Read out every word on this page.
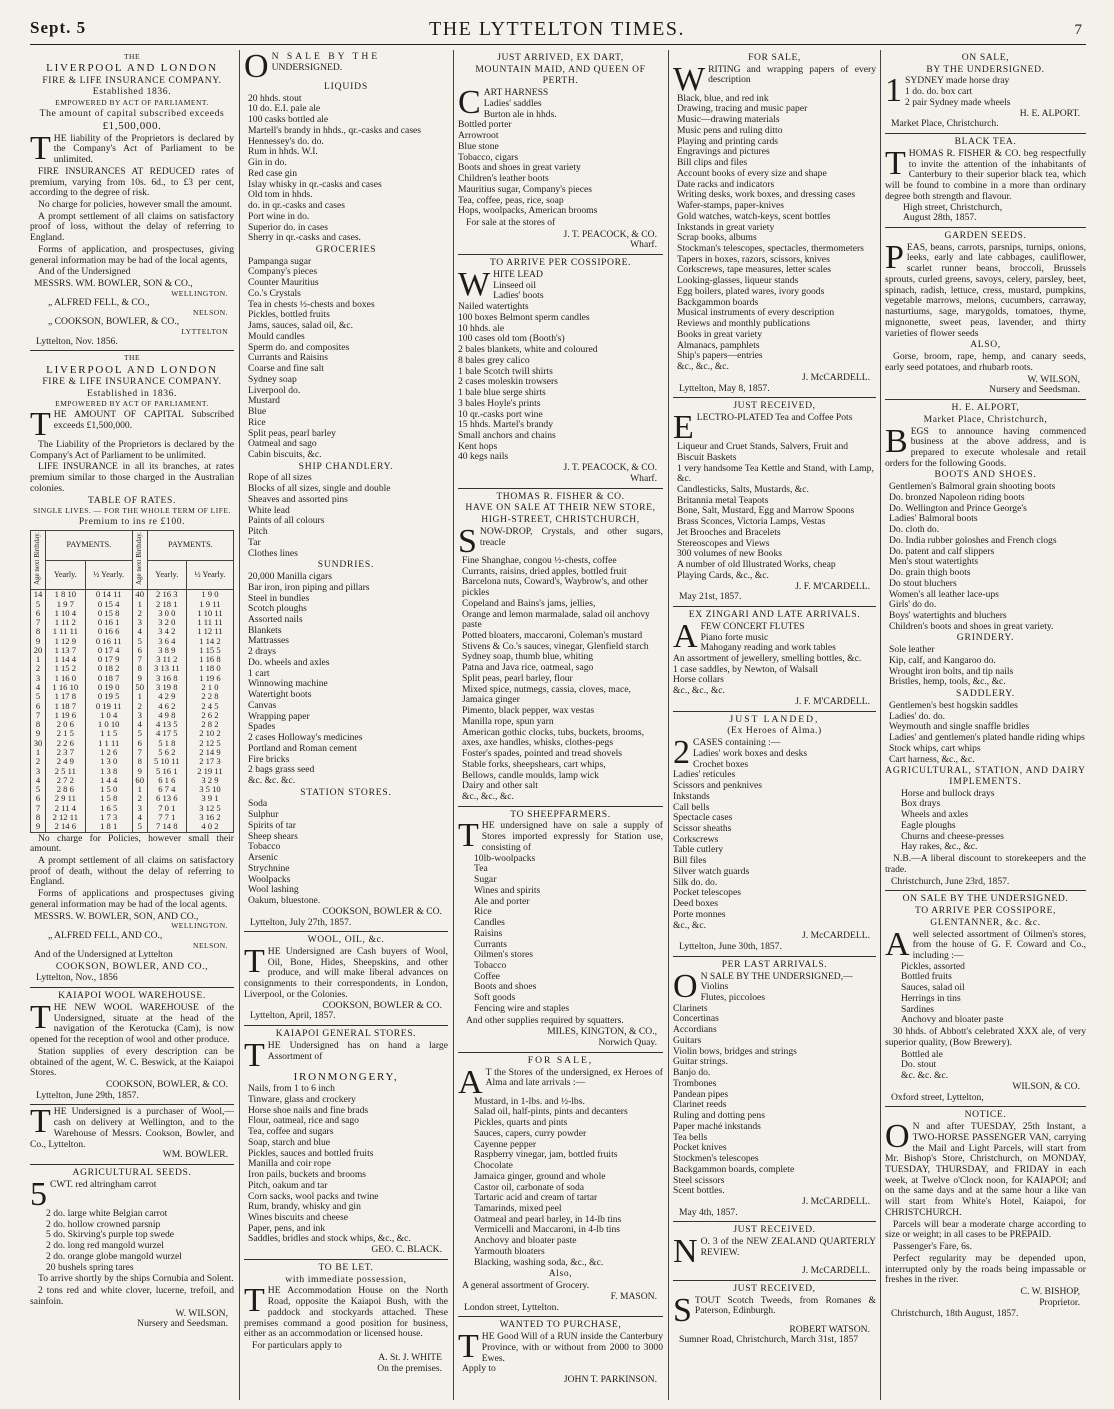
Sept. 5	THE LYTTELTON TIMES.	7
THE
LIVERPOOL AND LONDON
FIRE & LIFE INSURANCE COMPANY.
Established 1836.
EMPOWERED BY ACT OF PARLIAMENT.
The amount of capital subscribed exceeds
£1,500,000.
THE liability of the Proprietors is declared by the Company's Act of Parliament to be unlimited.
FIRE INSURANCES AT REDUCED rates of premium, varying from 10s. 6d., to £3 per cent, according to the degree of risk.
No charge for policies, however small the amount.
A prompt settlement of all claims on satisfactory proof of loss, without the delay of referring to England.
Forms of application, and prospectuses, giving general information may be had of the local agents,
And of the Undersigned
MESSRS. WM. BOWLER, SON & CO.,
WELLINGTON.
„ ALFRED FELL, & CO.,
NELSON.
„ COOKSON, BOWLER, & CO.,
LYTTELTON
Lyttelton, Nov. 1856.
THE
LIVERPOOL AND LONDON
FIRE & LIFE INSURANCE COMPANY.
Established in 1836.
EMPOWERED BY ACT OF PARLIAMENT.
THE AMOUNT OF CAPITAL Subscribed exceeds £1,500,000.
The Liability of the Proprietors is declared by the Company's Act of Parliament to be unlimited.
LIFE INSURANCE in all its branches, at rates premium similar to those charged in the Australian colonies.
TABLE OF RATES.
SINGLE LIVES. — FOR THE WHOLE TERM OF LIFE.
Premium to ins re £100.
Age next Birthday.	PAYMENTS.		Age next Birthday.	PAYMENTS.	
	Yearly.	½ Yearly.		Yearly.	½ Yearly.
14	1 8 10	0 14 11	40	2 16 3	1 9 0
5	1 9 7	0 15 4	1	2 18 1	1 9 11
6	1 10 4	0 15 8	2	3 0 0	1 10 11
7	1 11 2	0 16 1	3	3 2 0	1 11 11
8	1 11 11	0 16 6	4	3 4 2	1 12 11
9	1 12 9	0 16 11	5	3 6 4	1 14 2
20	1 13 7	0 17 4	6	3 8 9	1 15 5
1	1 14 4	0 17 9	7	3 11 2	1 16 8
2	1 15 2	0 18 2	8	3 13 11	1 18 0
3	1 16 0	0 18 7	9	3 16 8	1 19 6
4	1 16 10	0 19 0	50	3 19 8	2 1 0
5	1 17 8	0 19 5	1	4 2 9	2 2 8
6	1 18 7	0 19 11	2	4 6 2	2 4 5
7	1 19 6	1 0 4	3	4 9 8	2 6 2
8	2 0 6	1 0 10	4	4 13 5	2 8 2
9	2 1 5	1 1 5	5	4 17 5	2 10 2
30	2 2 6	1 1 11	6	5 1 8	2 12 5
1	2 3 7	1 2 6	7	5 6 2	2 14 9
2	2 4 9	1 3 0	8	5 10 11	2 17 3
3	2 5 11	1 3 8	9	5 16 1	2 19 11
4	2 7 2	1 4 4	60	6 1 6	3 2 9
5	2 8 6	1 5 0	1	6 7 4	3 5 10
6	2 9 11	1 5 8	2	6 13 6	3 9 1
7	2 11 4	1 6 5	3	7 0 1	3 12 5
8	2 12 11	1 7 3	4	7 7 1	3 16 2
9	2 14 6	1 8 1	5	7 14 8	4 0 2
No charge for Policies, however small their amount.
A prompt settlement of all claims on satisfactory proof of death, without the delay of referring to England.
Forms of applications and prospectuses giving general information may be had of the local agents.
MESSRS. W. BOWLER, SON, AND CO.,
WELLINGTON.
„ ALFRED FELL, AND CO.,
NELSON.
And of the Undersigned at Lyttelton
COOKSON, BOWLER, AND CO.,
Lyttelton, Nov., 1856
KAIAPOI WOOL WAREHOUSE.
THE NEW WOOL WAREHOUSE of the Undersigned, situate at the head of the navigation of the Kerotucka (Cam), is now opened for the reception of wool and other produce.
Station supplies of every description can be obtained of the agent, W. C. Beswick, at the Kaiapoi Stores.
COOKSON, BOWLER, & CO.
Lyttelton, June 29th, 1857.
THE Undersigned is a purchaser of Wool,—cash on delivery at Wellington, and to the Warehouse of Messrs. Cookson, Bowler, and Co., Lyttelton.
WM. BOWLER.
AGRICULTURAL SEEDS.
5 CWT. red altringham carrot
2 do. large white Belgian carrot
2 do. hollow crowned parsnip
5 do. Skirving's purple top swede
2 do. long red mangold wurzel
2 do. orange globe mangold wurzel
20 bushels spring tares
To arrive shortly by the ships Cornubia and Solent.
2 tons red and white clover, lucerne, trefoil, and sainfoin.
W. WILSON,
Nursery and Seedsman.
O N SALE BY THE
UNDERSIGNED.
LIQUIDS
20 hhds. stout
10 do. E.I. pale ale
100 casks bottled ale
Martell's brandy in hhds., qr.-casks and cases
Hennessey's do. do.
Rum in hhds. W.I.
Gin in do.
Red case gin
Islay whisky in qr.-casks and cases
Old tom in hhds.
do. in qr.-casks and cases
Port wine in do.
Superior do. in cases
Sherry in qr.-casks and cases.
GROCERIES
Pampanga sugar
Company's pieces
Counter Mauritius
Co.'s Crystals
Tea in chests ½-chests and boxes
Pickles, bottled fruits
Jams, sauces, salad oil, &c.
Mould candles
Sperm do. and composites
Currants and Raisins
Coarse and fine salt
Sydney soap
Liverpool do.
Mustard
Blue
Rice
Split peas, pearl barley
Oatmeal and sago
Cabin biscuits, &c.
SHIP CHANDLERY.
Rope of all sizes
Blocks of all sizes, single and double
Sheaves and assorted pins
White lead
Paints of all colours
Pitch
Tar
Clothes lines
SUNDRIES.
20,000 Manilla cigars
Bar iron, iron piping and pillars
Steel in bundles
Scotch ploughs
Assorted nails
Blankets
Mattrasses
2 drays
Do. wheels and axles
1 cart
Winnowing machine
Watertight boots
Canvas
Wrapping paper
Spades
2 cases Holloway's medicines
Portland and Roman cement
Fire bricks
2 bags grass seed
&c. &c. &c.
STATION STORES.
Soda
Sulphur
Spirits of tar
Sheep shears
Tobacco
Arsenic
Strychnine
Woolpacks
Wool lashing
Oakum, bluestone.
COOKSON, BOWLER & CO.
Lyttelton, July 27th, 1857.
WOOL, OIL, &c.
THE Undersigned are Cash buyers of Wool, Oil, Bone, Hides, Sheepskins, and other produce, and will make liberal advances on consignments to their correspondents, in London, Liverpool, or the Colonies.
COOKSON, BOWLER & CO.
Lyttelton, April, 1857.
KAIAPOI GENERAL STORES.
THE Undersigned has on hand a large Assortment of
IRONMONGERY,
Nails, from 1 to 6 inch
Tinware, glass and crockery
Horse shoe nails and fine brads
Flour, oatmeal, rice and sago
Tea, coffee and sugars
Soap, starch and blue
Pickles, sauces and bottled fruits
Manilla and coir rope
Iron pails, buckets and brooms
Pitch, oakum and tar
Corn sacks, wool packs and twine
Rum, brandy, whisky and gin
Wines biscuits and cheese
Paper, pens, and ink
Saddles, bridles and stock whips, &c., &c.
GEO. C. BLACK.
TO BE LET.
with immediate possession,
THE Accommodation House on the North Road, opposite the Kaiapoi Bush, with the paddock and stockyards attached. These premises command a good position for business, either as an accommodation or licensed house.
For particulars apply to
A. St. J. WHITE
On the premises.
JUST ARRIVED, EX DART,
MOUNTAIN MAID, AND QUEEN OF
PERTH.
CART HARNESS
Ladies' saddles
Burton ale in hhds.
Bottled porter
Arrowroot
Blue stone
Tobacco, cigars
Boots and shoes in great variety
Children's leather boots
Mauritius sugar, Company's pieces
Tea, coffee, peas, rice, soap
Hops, woolpacks, American brooms
For sale at the stores of
J. T. PEACOCK, & CO.
Wharf.
TO ARRIVE PER COSSIPORE.
WHITE LEAD
Linseed oil
Ladies' boots
Nailed watertights
100 boxes Belmont sperm candles
10 hhds. ale
100 cases old tom (Booth's)
2 bales blankets, white and coloured
8 bales grey calico
1 bale Scotch twill shirts
2 cases moleskin trowsers
1 bale blue serge shirts
3 bales Hoyle's prints
10 qr.-casks port wine
15 hhds. Martel's brandy
Small anchors and chains
Kent hops
40 kegs nails
J. T. PEACOCK, & CO.
Wharf.
THOMAS R. FISHER & CO.
HAVE ON SALE AT THEIR NEW STORE,
HIGH-STREET, CHRISTCHURCH,
SNOW-DROP, Crystals, and other sugars, treacle
Fine Shanghae, congou ½-chests, coffee
Currants, raisins, dried apples, bottled fruit
Barcelona nuts, Coward's, Waybrow's, and other pickles
Copeland and Bains's jams, jellies,
Orange and lemon marmalade, salad oil anchovy paste
Potted bloaters, maccaroni, Coleman's mustard
Stivens & Co.'s sauces, vinegar, Glenfield starch
Sydney soap, thumb blue, whiting
Patna and Java rice, oatmeal, sago
Split peas, pearl barley, flour
Mixed spice, nutmegs, cassia, cloves, mace, Jamaica ginger
Pimento, black pepper, wax vestas
Manilla rope, spun yarn
American gothic clocks, tubs, buckets, brooms, axes, axe handles, whisks, clothes-pegs
Foster's spades, pointed and tread shovels
Stable forks, sheepshears, cart whips,
Bellows, candle moulds, lamp wick
Dairy and other salt
&c., &c., &c.
TO SHEEPFARMERS.
THE undersigned have on sale a supply of Stores imported expressly for Station use, consisting of
10lb-woolpacks
Tea
Sugar
Wines and spirits
Ale and porter
Rice
Candles
Raisins
Currants
Oilmen's stores
Tobacco
Coffee
Boots and shoes
Soft goods
Fencing wire and staples
And other supplies required by squatters.
MILES, KINGTON, & CO.,
Norwich Quay.
FOR SALE,
A T the Stores of the undersigned, ex Heroes of Alma and late arrivals :—
Mustard, in 1-lbs. and ½-lbs.
Salad oil, half-pints, pints and decanters
Pickles, quarts and pints
Sauces, capers, curry powder
Cayenne pepper
Raspberry vinegar, jam, bottled fruits
Chocolate
Jamaica ginger, ground and whole
Castor oil, carbonate of soda
Tartaric acid and cream of tartar
Tamarinds, mixed peel
Oatmeal and pearl barley, in 14-lb tins
Vermicelli and Maccaroni, in 4-lb tins
Anchovy and bloater paste
Yarmouth bloaters
Blacking, washing soda, &c., &c.
Also,
A general assortment of Grocery.
F. MASON.
London street, Lyttelton.
WANTED TO PURCHASE,
THE Good Will of a RUN inside the Canterbury Province, with or without from 2000 to 3000 Ewes.
Apply to
JOHN T. PARKINSON.
FOR SALE,
WRITING and wrapping papers of every description
Black, blue, and red ink
Drawing, tracing and music paper
Music—drawing materials
Music pens and ruling ditto
Playing and printing cards
Engravings and pictures
Bill clips and files
Account books of every size and shape
Date racks and indicators
Writing desks, work boxes, and dressing cases
Wafer-stamps, paper-knives
Gold watches, watch-keys, scent bottles
Inkstands in great variety
Scrap books, albums
Stockman's telescopes, spectacles, thermometers
Tapers in boxes, razors, scissors, knives
Corkscrews, tape measures, letter scales
Looking-glasses, liqueur stands
Egg boilers, plated wares, ivory goods
Backgammon boards
Musical instruments of every description
Reviews and monthly publications
Books in great variety
Almanacs, pamphlets
Ship's papers—entries
&c., &c., &c.
J. McCARDELL.
Lyttelton, May 8, 1857.
JUST RECEIVED,
ELECTRO-PLATED Tea and Coffee Pots
Liqueur and Cruet Stands, Salvers, Fruit and Biscuit Baskets
1 very handsome Tea Kettle and Stand, with Lamp, &c.
Candlesticks, Salts, Mustards, &c.
Britannia metal Teapots
Bone, Salt, Mustard, Egg and Marrow Spoons
Brass Sconces, Victoria Lamps, Vestas
Jet Brooches and Bracelets
Stereoscopes and Views
300 volumes of new Books
A number of old Illustrated Works, cheap
Playing Cards, &c., &c.
J. F. M'CARDELL.
May 21st, 1857.
EX ZINGARI AND LATE ARRIVALS.
AFEW CONCERT FLUTES
Piano forte music
Mahogany reading and work tables
An assortment of jewellery, smelling bottles, &c.
1 case saddles, by Newton, of Walsall
Horse collars
&c., &c., &c.
J. F. M'CARDELL.
JUST LANDED,
(Ex Heroes of Alma.)
2 CASES containing :—
Ladies' work boxes and desks
Crochet boxes
Ladies' reticules
Scissors and penknives
Inkstands
Call bells
Spectacle cases
Scissor sheaths
Corkscrews
Table cutlery
Bill files
Silver watch guards
Silk do. do.
Pocket telescopes
Deed boxes
Porte monnes
&c., &c.
J. McCARDELL.
Lyttelton, June 30th, 1857.
PER LAST ARRIVALS.
O N SALE BY THE UNDERSIGNED,—
Violins
Flutes, piccoloes
Clarinets
Concertinas
Accordians
Guitars
Violin bows, bridges and strings
Guitar strings.
Banjo do.
Trombones
Pandean pipes
Clarinet reeds
Ruling and dotting pens
Paper maché inkstands
Tea bells
Pocket knives
Stockmen's telescopes
Backgammon boards, complete
Steel scissors
Scent bottles.
J. McCARDELL.
May 4th, 1857.
JUST RECEIVED.
N O. 3 of the NEW ZEALAND QUARTERLY REVIEW.
J. McCARDELL.
JUST RECEIVED,
STOUT Scotch Tweeds, from Romanes & Paterson, Edinburgh.
ROBERT WATSON.
Sumner Road, Christchurch, March 31st, 1857
ON SALE,
BY THE UNDERSIGNED.
1 SYDNEY made horse dray
1 do. do. box cart
2 pair Sydney made wheels
H. E. ALPORT.
Market Place, Christchurch.
BLACK TEA.
THOMAS R. FISHER & CO. beg respectfully to invite the attention of the inhabitants of Canterbury to their superior black tea, which will be found to combine in a more than ordinary degree both strength and flavour.
High street, Christchurch,
August 28th, 1857.
GARDEN SEEDS.
PEAS, beans, carrots, parsnips, turnips, onions, leeks, early and late cabbages, cauliflower, scarlet runner beans, broccoli, Brussels sprouts, curled greens, savoys, celery, parsley, beet, spinach, radish, lettuce, cress, mustard, pumpkins, vegetable marrows, melons, cucumbers, carraway, nasturtiums, sage, marygolds, tomatoes, thyme, mignonette, sweet peas, lavender, and thirty varieties of flower seeds
ALSO,
Gorse, broom, rape, hemp, and canary seeds, early seed potatoes, and rhubarb roots.
W. WILSON,
Nursery and Seedsman.
H. E. ALPORT,
Market Place, Christchurch,
BEGS to announce having commenced business at the above address, and is prepared to execute wholesale and retail orders for the following Goods.
BOOTS AND SHOES.
Gentlemen's Balmoral grain shooting boots
Do. bronzed Napoleon riding boots
Do. Wellington and Prince George's
Ladies' Balmoral boots
Do. cloth do.
Do. India rubber goloshes and French clogs
Do. patent and calf slippers
Men's stout watertights
Do. grain thigh boots
Do stout bluchers
Women's all leather lace-ups
Girls' do do.
Boys' watertights and bluchers
Children's boots and shoes in great variety.
GRINDERY.
Sole leather
Kip, calf, and Kangaroo do.
Wrought iron bolts, and tip nails
Bristles, hemp, tools, &c., &c.
SADDLERY.
Gentlemen's best hogskin saddles
Ladies' do. do.
Weymouth and single snaffle bridles
Ladies' and gentlemen's plated handle riding whips
Stock whips, cart whips
Cart harness, &c., &c.
AGRICULTURAL, STATION, AND DAIRY IMPLEMENTS.
Horse and bullock drays
Box drays
Wheels and axles
Eagle ploughs
Churns and cheese-presses
Hay rakes, &c., &c.
N.B.—A liberal discount to storekeepers and the trade.
Christchurch, June 23rd, 1857.
ON SALE BY THE UNDERSIGNED.
TO ARRIVE PER COSSIPORE,
GLENTANNER, &c. &c.
Awell selected assortment of Oilmen's stores, from the house of G. F. Coward and Co., including :—
Pickles, assorted
Bottled fruits
Sauces, salad oil
Herrings in tins
Sardines
Anchovy and bloater paste
30 hhds. of Abbott's celebrated XXX ale, of very superior quality, (Bow Brewery).
Bottled ale
Do. stout
&c. &c. &c.
WILSON, & CO.
Oxford street, Lyttelton,
NOTICE.
O N and after TUESDAY, 25th Instant, a TWO-HORSE PASSENGER VAN, carrying the Mail and Light Parcels, will start from Mr. Bishop's Store, Christchurch, on MONDAY, TUESDAY, THURSDAY, and FRIDAY in each week, at Twelve o'Clock noon, for KAIAPOI; and on the same days and at the same hour a like van will start from White's Hotel, Kaiapoi, for CHRISTCHURCH.
Parcels will bear a moderate charge according to size or weight; in all cases to be PREPAID.
Passenger's Fare, 6s.
Perfect regularity may be depended upon, interrupted only by the roads being impassable or freshes in the river.
C. W. BISHOP,
Proprietor.
Christchurch, 18th August, 1857.
